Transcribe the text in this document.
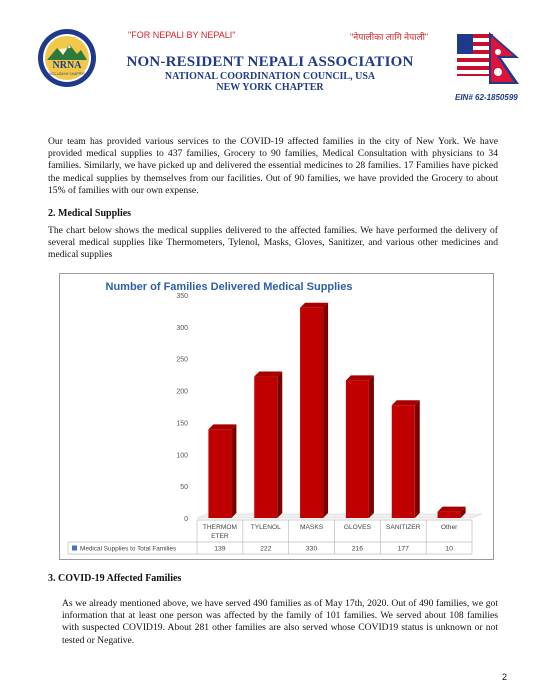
NRNA
NCC-USA NY CHAPTER
"FOR NEPALI BY NEPALI"	"नेपालीका लागि नेपाली"
NON-RESIDENT NEPALI ASSOCIATION
NATIONAL COORDINATION COUNCIL, USA
NEW YORK CHAPTER
EIN# 62-1850599
Our team has provided various services to the COVID-19 affected families in the city of New York. We have provided medical supplies to 437 families, Grocery to 90 families, Medical Consultation with physicians to 34 families. Similarly, we have picked up and delivered the essential medicines to 28 families. 17 Families have picked the medical supplies by themselves from our facilities. Out of 90 families, we have provided the Grocery to about 15% of families with our own expense.
2. Medical Supplies
The chart below shows the medical supplies delivered to the affected families. We have performed the delivery of several medical supplies like Thermometers, Tylenol, Masks, Gloves, Sanitizer, and various other medicines and medical supplies
Number of Families Delivered Medical Supplies
0
50
100
150
200
250
300
350
THERMOM
ETER
TYLENOL	MASKS	GLOVES SANITIZER	Other
Medical Supplies to Total Families	139	222	330	216	177	10
3. COVID-19 Affected Families
As we already mentioned above, we have served 490 families as of May 17th, 2020. Out of 490 families, we got information that at least one person was affected by the family of 101 families. We served about 108 families with suspected COVID19. About 281 other families are also served whose COVID19 status is unknown or not tested or Negative.
2
